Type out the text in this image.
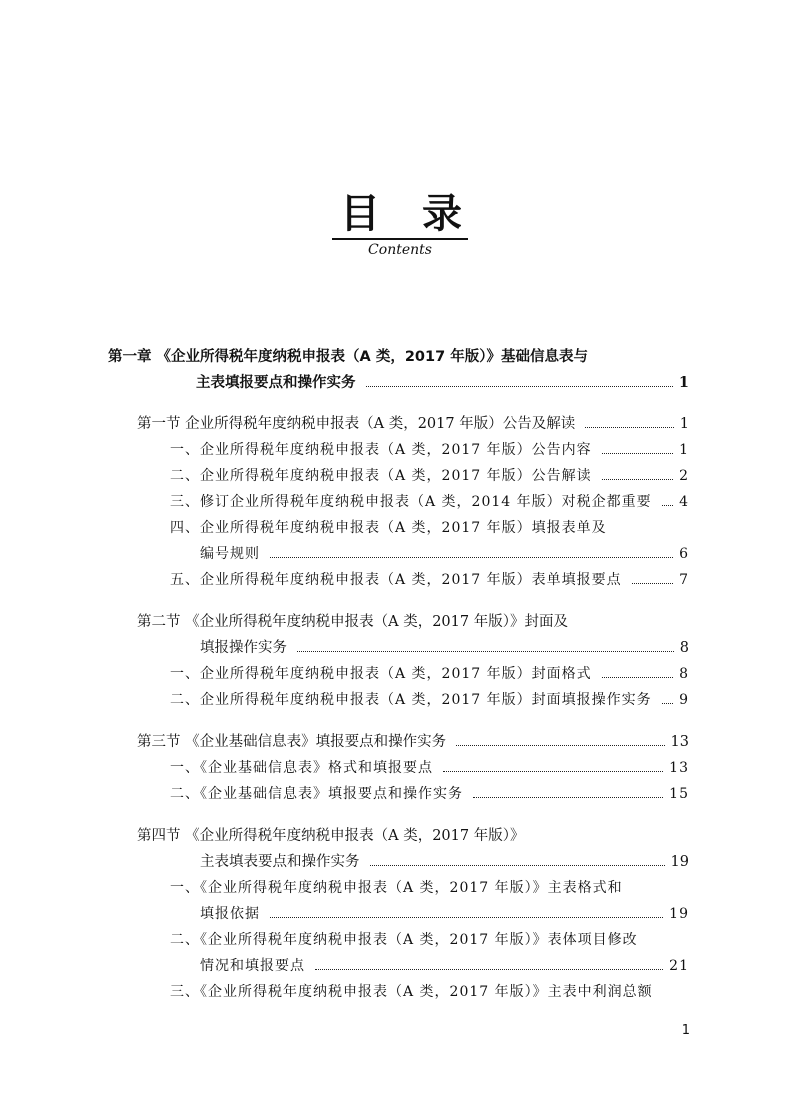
目录
Contents
第一章 《企业所得税年度纳税申报表（A 类，2017 年版）》基础信息表与
主表填报要点和操作实务	1
第一节 企业所得税年度纳税申报表（A 类，2017 年版）公告及解读	1
一、企业所得税年度纳税申报表（A 类，2017 年版）公告内容	1
二、企业所得税年度纳税申报表（A 类，2017 年版）公告解读	2
三、修订企业所得税年度纳税申报表（A 类，2014 年版）对税企都重要 4
四、企业所得税年度纳税申报表（A 类，2017 年版）填报表单及
编号规则	6
五、企业所得税年度纳税申报表（A 类，2017 年版）表单填报要点	7
第二节 《企业所得税年度纳税申报表（A 类，2017 年版）》封面及
填报操作实务	8
一、企业所得税年度纳税申报表（A 类，2017 年版）封面格式	8
二、企业所得税年度纳税申报表（A 类，2017 年版）封面填报操作实务 9
第三节 《企业基础信息表》填报要点和操作实务	13
一、《企业基础信息表》格式和填报要点	13
二、《企业基础信息表》填报要点和操作实务	15
第四节 《企业所得税年度纳税申报表（A 类，2017 年版）》
主表填表要点和操作实务	19
一、《企业所得税年度纳税申报表（A 类，2017 年版）》主表格式和
填报依据	19
二、《企业所得税年度纳税申报表（A 类，2017 年版）》表体项目修改
情况和填报要点	21
三、《企业所得税年度纳税申报表（A 类，2017 年版）》主表中利润总额
1
